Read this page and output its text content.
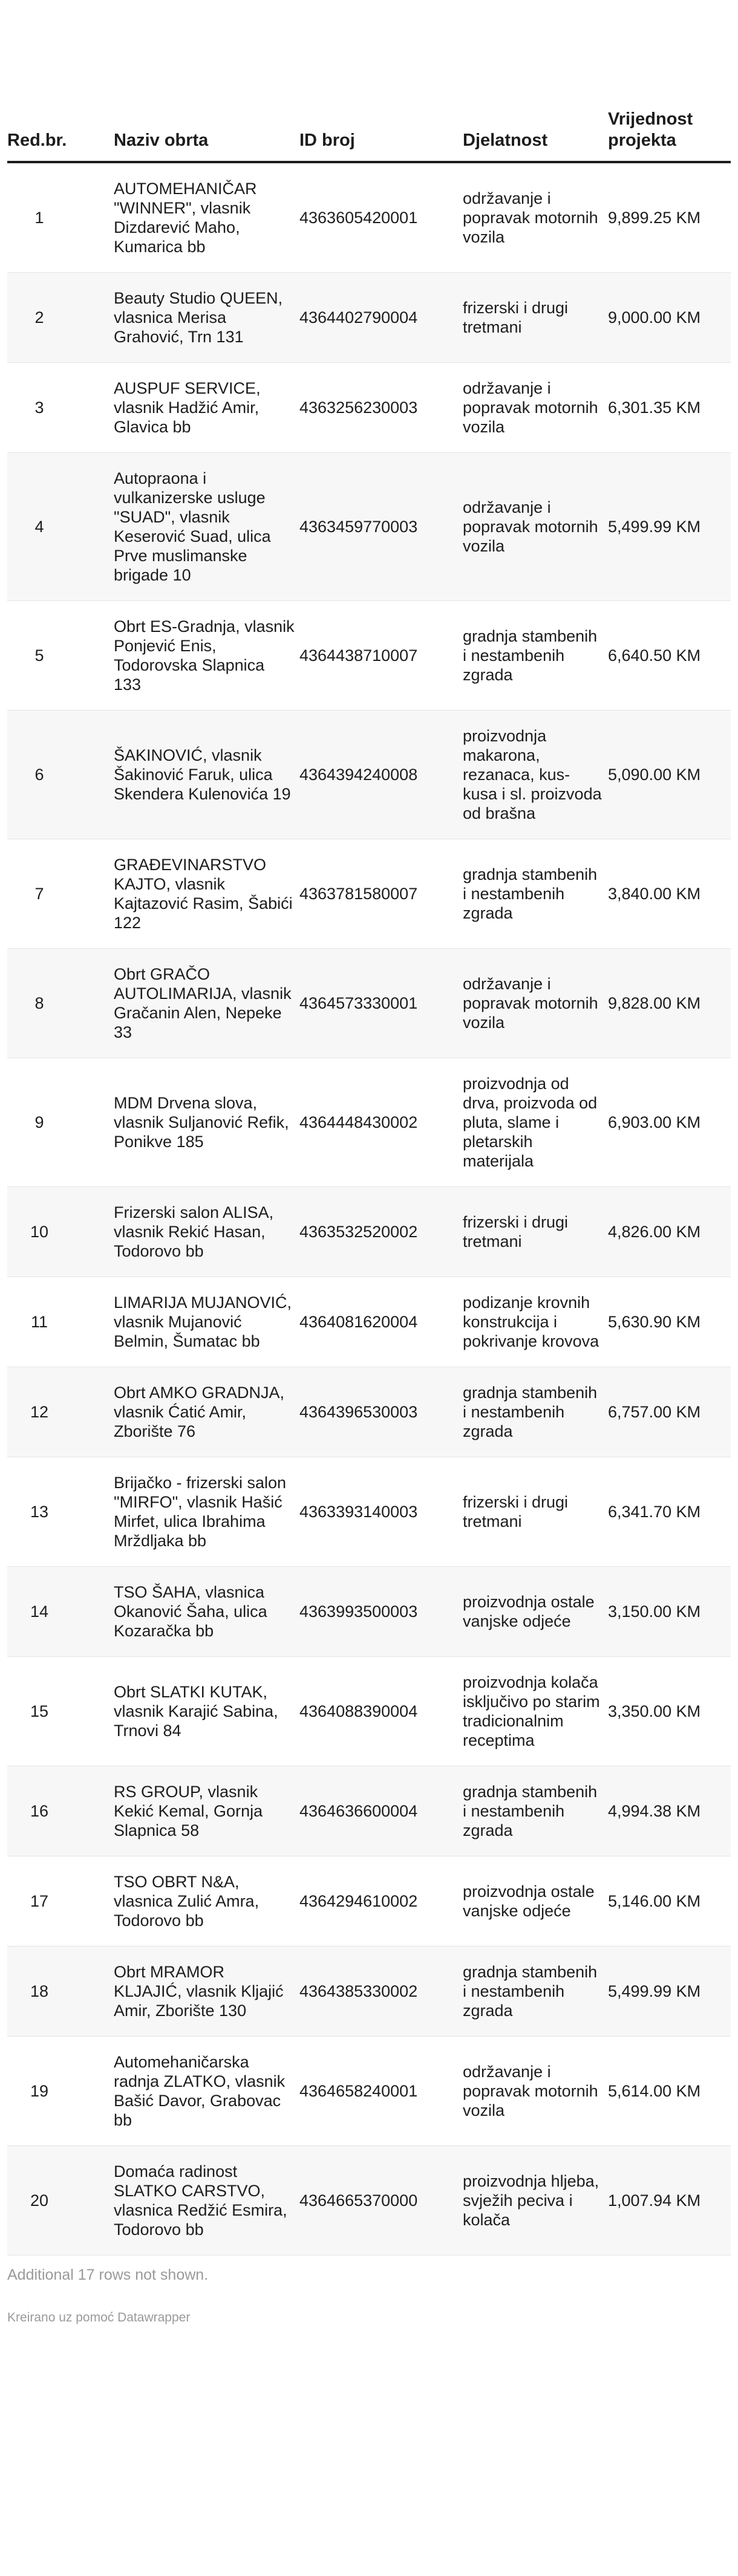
Red.br.	Naziv obrta	ID broj	Djelatnost	Vrijednost projekta
1	AUTOMEHANIČAR "WINNER", vlasnik Dizdarević Maho, Kumarica bb	4363605420001	održavanje i popravak motornih vozila	9,899.25 KM
2	Beauty Studio QUEEN, vlasnica Merisa Grahović, Trn 131	4364402790004	frizerski i drugi tretmani	9,000.00 KM
3	AUSPUF SERVICE, vlasnik Hadžić Amir, Glavica bb	4363256230003	održavanje i popravak motornih vozila	6,301.35 KM
4	Autopraona i vulkanizerske usluge "SUAD", vlasnik Keserović Suad, ulica Prve muslimanske brigade 10	4363459770003	održavanje i popravak motornih vozila	5,499.99 KM
5	Obrt ES-Gradnja, vlasnik Ponjević Enis, Todorovska Slapnica 133	4364438710007	gradnja stambenih i nestambenih zgrada	6,640.50 KM
6	ŠAKINOVIĆ, vlasnik Šakinović Faruk, ulica Skendera Kulenovića 19	4364394240008	proizvodnja makarona, rezanaca, kus-kusa i sl. proizvoda od brašna	5,090.00 KM
7	GRAĐEVINARSTVO KAJTO, vlasnik Kajtazović Rasim, Šabići 122	4363781580007	gradnja stambenih i nestambenih zgrada	3,840.00 KM
8	Obrt GRAČO AUTOLIMARIJA, vlasnik Gračanin Alen, Nepeke 33	4364573330001	održavanje i popravak motornih vozila	9,828.00 KM
9	MDM Drvena slova, vlasnik Suljanović Refik, Ponikve 185	4364448430002	proizvodnja od drva, proizvoda od pluta, slame i pletarskih materijala	6,903.00 KM
10	Frizerski salon ALISA, vlasnik Rekić Hasan, Todorovo bb	4363532520002	frizerski i drugi tretmani	4,826.00 KM
11	LIMARIJA MUJANOVIĆ, vlasnik Mujanović Belmin, Šumatac bb	4364081620004	podizanje krovnih konstrukcija i pokrivanje krovova	5,630.90 KM
12	Obrt AMKO GRADNJA, vlasnik Ćatić Amir, Zborište 76	4364396530003	gradnja stambenih i nestambenih zgrada	6,757.00 KM
13	Brijačko - frizerski salon "MIRFO", vlasnik Hašić Mirfet, ulica Ibrahima Mrždljaka bb	4363393140003	frizerski i drugi tretmani	6,341.70 KM
14	TSO ŠAHA, vlasnica Okanović Šaha, ulica Kozaračka bb	4363993500003	proizvodnja ostale vanjske odjeće	3,150.00 KM
15	Obrt SLATKI KUTAK, vlasnik Karajić Sabina, Trnovi 84	4364088390004	proizvodnja kolača isključivo po starim tradicionalnim receptima	3,350.00 KM
16	RS GROUP, vlasnik Kekić Kemal, Gornja Slapnica 58	4364636600004	gradnja stambenih i nestambenih zgrada	4,994.38 KM
17	TSO OBRT N&A, vlasnica Zulić Amra, Todorovo bb	4364294610002	proizvodnja ostale vanjske odjeće	5,146.00 KM
18	Obrt MRAMOR KLJAJIĆ, vlasnik Kljajić Amir, Zborište 130	4364385330002	gradnja stambenih i nestambenih zgrada	5,499.99 KM
19	Automehaničarska radnja ZLATKO, vlasnik Bašić Davor, Grabovac bb	4364658240001	održavanje i popravak motornih vozila	5,614.00 KM
20	Domaća radinost SLATKO CARSTVO, vlasnica Redžić Esmira, Todorovo bb	4364665370000	proizvodnja hljeba, svježih peciva i kolača	1,007.94 KM
Additional 17 rows not shown.
Kreirano uz pomoć Datawrapper
